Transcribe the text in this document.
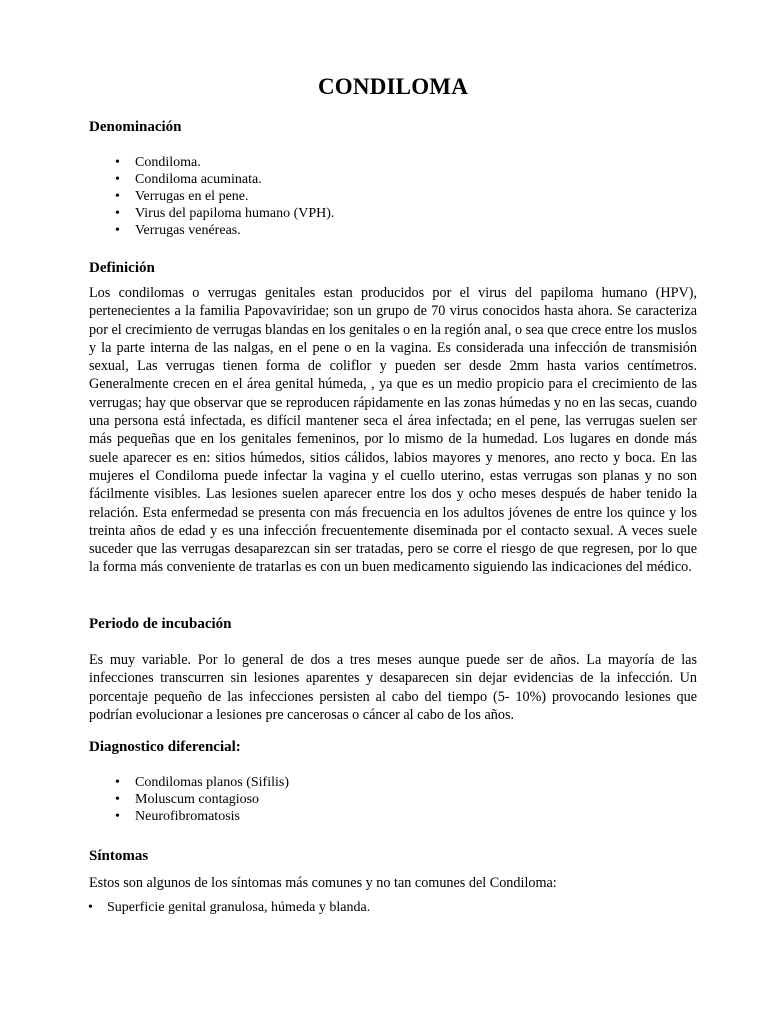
CONDILOMA
Denominación
• Condiloma.
• Condiloma acuminata.
• Verrugas en el pene.
• Virus del papiloma humano (VPH).
• Verrugas venéreas.
Definición

Los condilomas o verrugas genitales estan producidos por el virus del papiloma humano (HPV), pertenecientes a la familia Papovaviridae; son un grupo de 70 virus conocidos hasta ahora. Se caracteriza por el crecimiento de verrugas blandas en los genitales o en la región anal, o sea que crece entre los muslos y la parte interna de las nalgas, en el pene o en la vagina. Es considerada una infección de transmisión sexual, Las verrugas tienen forma de coliflor y pueden ser desde 2mm hasta varios centímetros. Generalmente crecen en el área genital húmeda, , ya que es un medio propicio para el crecimiento de las verrugas; hay que observar que se reproducen rápidamente en las zonas húmedas y no en las secas, cuando una persona está infectada, es difícil mantener seca el área infectada; en el pene, las verrugas suelen ser más pequeñas que en los genitales femeninos, por lo mismo de la humedad. Los lugares en donde más suele aparecer es en: sitios húmedos, sitios cálidos, labios mayores y menores, ano recto y boca. En las mujeres el Condiloma puede infectar la vagina y el cuello uterino, estas verrugas son planas y no son fácilmente visibles. Las lesiones suelen aparecer entre los dos y ocho meses después de haber tenido la relación. Esta enfermedad se presenta con más frecuencia en los adultos jóvenes de entre los quince y los treinta años de edad y es una infección frecuentemente diseminada por el contacto sexual. A veces suele suceder que las verrugas desaparezcan sin ser tratadas, pero se corre el riesgo de que regresen, por lo que la forma más conveniente de tratarlas es con un buen medicamento siguiendo las indicaciones del médico.

Periodo de incubación

Es muy variable. Por lo general de dos a tres meses aunque puede ser de años. La mayoría de las infecciones transcurren sin lesiones aparentes y desaparecen sin dejar evidencias de la infección. Un porcentaje pequeño de las infecciones persisten al cabo del tiempo (5- 10%) provocando lesiones que podrían evolucionar a lesiones pre cancerosas o cáncer al cabo de los años.

Diagnostico diferencial:
• Condilomas planos (Sifilis)
• Moluscum contagioso
• Neurofibromatosis
Síntomas

Estos son algunos de los síntomas más comunes y no tan comunes del Condiloma:

• Superficie genital granulosa, húmeda y blanda.
